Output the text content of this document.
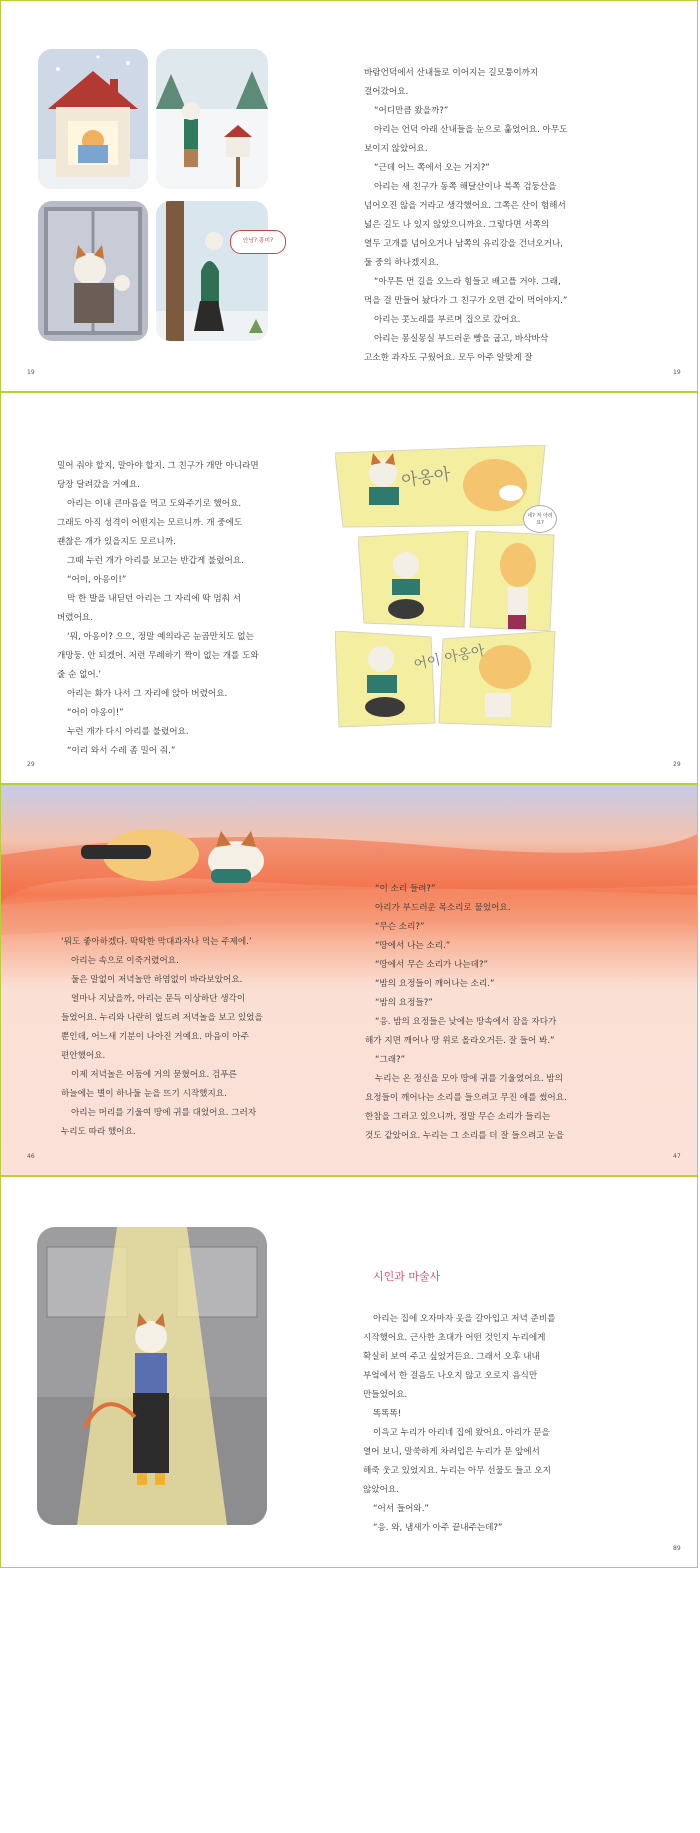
안녕? 흥미?

바람언덕에서 산내들로 이어지는 길모퉁이까지

걸어갔어요.

“어디만큼 왔을까?”

아리는 언덕 아래 산내들을 눈으로 훑었어요. 아무도

보이지 않았어요.

“근데 어느 쪽에서 오는 거지?”

아리는 새 친구가 동쪽 해달산이나 북쪽 검둥산을

넘어오진 않을 거라고 생각했어요. 그쪽은 산이 험해서

넓은 길도 나 있지 않았으니까요. 그렇다면 서쪽의

열두 고개를 넘어오거나 남쪽의 유리강을 건너오거나,

둘 중의 하나겠지요.

“아무튼 먼 길을 오느라 힘들고 배고플 거야. 그래,

먹을 걸 만들어 놨다가 그 친구가 오면 같이 먹어야지.”

아리는 콧노래를 부르며 집으로 갔어요.

아리는 몽실몽실 부드러운 빵을 굽고, 바삭바삭

고소한 과자도 구웠어요. 모두 아주 알맞게 잘

19	19

밀어 줘야 할지, 말아야 할지. 그 친구가 개만 아니라면

당장 달려갔을 거예요.

아리는 이내 큰마음을 먹고 도와주기로 했어요.

그래도 아직 성격이 어떤지는 모르니까. 개 중에도

괜찮은 개가 있을지도 모르니까.

그때 누런 개가 아리를 보고는 반갑게 불렀어요.

“어이, 아옹이!”

막 한 발을 내딛던 아리는 그 자리에 딱 멈춰 서

버렸어요.

‘뭐, 아옹이? 으으, 정말 예의라곤 눈곱만치도 없는

개망둥. 안 되겠어. 저런 무례하기 짝이 없는 개를 도와

줄 순 없어.’

아리는 화가 나서 그 자리에 앉아 버렸어요.

“어이 아옹이!”

누런 개가 다시 아리를 불렀어요.

“이리 와서 수레 좀 밀어 줘.”

아옹아
네? 저 아리요?
어이 아옹아
29	29

‘뭐도 좋아하겠다. 딱딱한 막대과자나 먹는 주제에.’

아리는 속으로 이죽거렸어요.

둘은 말없이 저녁놀만 하염없이 바라보았어요.

얼마나 지났을까, 아리는 문득 이상하단 생각이

들었어요. 누리와 나란히 엎드려 저녁놀을 보고 있었을

뿐인데, 어느새 기분이 나아진 거예요. 마음이 아주

편안했어요.

이제 저녁놀은 어둠에 거의 묻혔어요. 검푸른

하늘에는 별이 하나둘 눈을 뜨기 시작했지요.

아리는 머리를 기울여 땅에 귀를 대었어요. 그러자

누리도 따라 했어요.

“이 소리 들려?”

아리가 부드러운 목소리로 물었어요.

“무슨 소리?”

“땅에서 나는 소리.”

“땅에서 무슨 소리가 나는데?”

“밤의 요정들이 깨어나는 소리.”

“밤의 요정들?”

“응. 밤의 요정들은 낮에는 땅속에서 잠을 자다가

해가 지면 깨어나 땅 위로 올라오거든. 잘 들어 봐.”

“그래?”

누리는 온 정신을 모아 땅에 귀를 기울였어요. 밤의

요정들이 깨어나는 소리를 들으려고 무진 애를 썼어요.

한참을 그러고 있으니까, 정말 무슨 소리가 들리는

것도 같았어요. 누리는 그 소리를 더 잘 들으려고 눈을

46	47
시인과 마술사

아리는 집에 오자마자 옷을 갈아입고 저녁 준비를

시작했어요. 근사한 초대가 어떤 것인지 누리에게

확실히 보여 주고 싶었거든요. 그래서 오후 내내

부엌에서 한 걸음도 나오지 않고 오로지 음식만

만들었어요.

똑똑똑!

이윽고 누리가 아리네 집에 왔어요. 아리가 문을

열어 보니, 말쑥하게 차려입은 누리가 문 앞에서

해죽 웃고 있었지요. 누리는 아무 선물도 들고 오지

않았어요.

“어서 들어와.”

“응. 와, 냄새가 아주 끝내주는데?”

89
